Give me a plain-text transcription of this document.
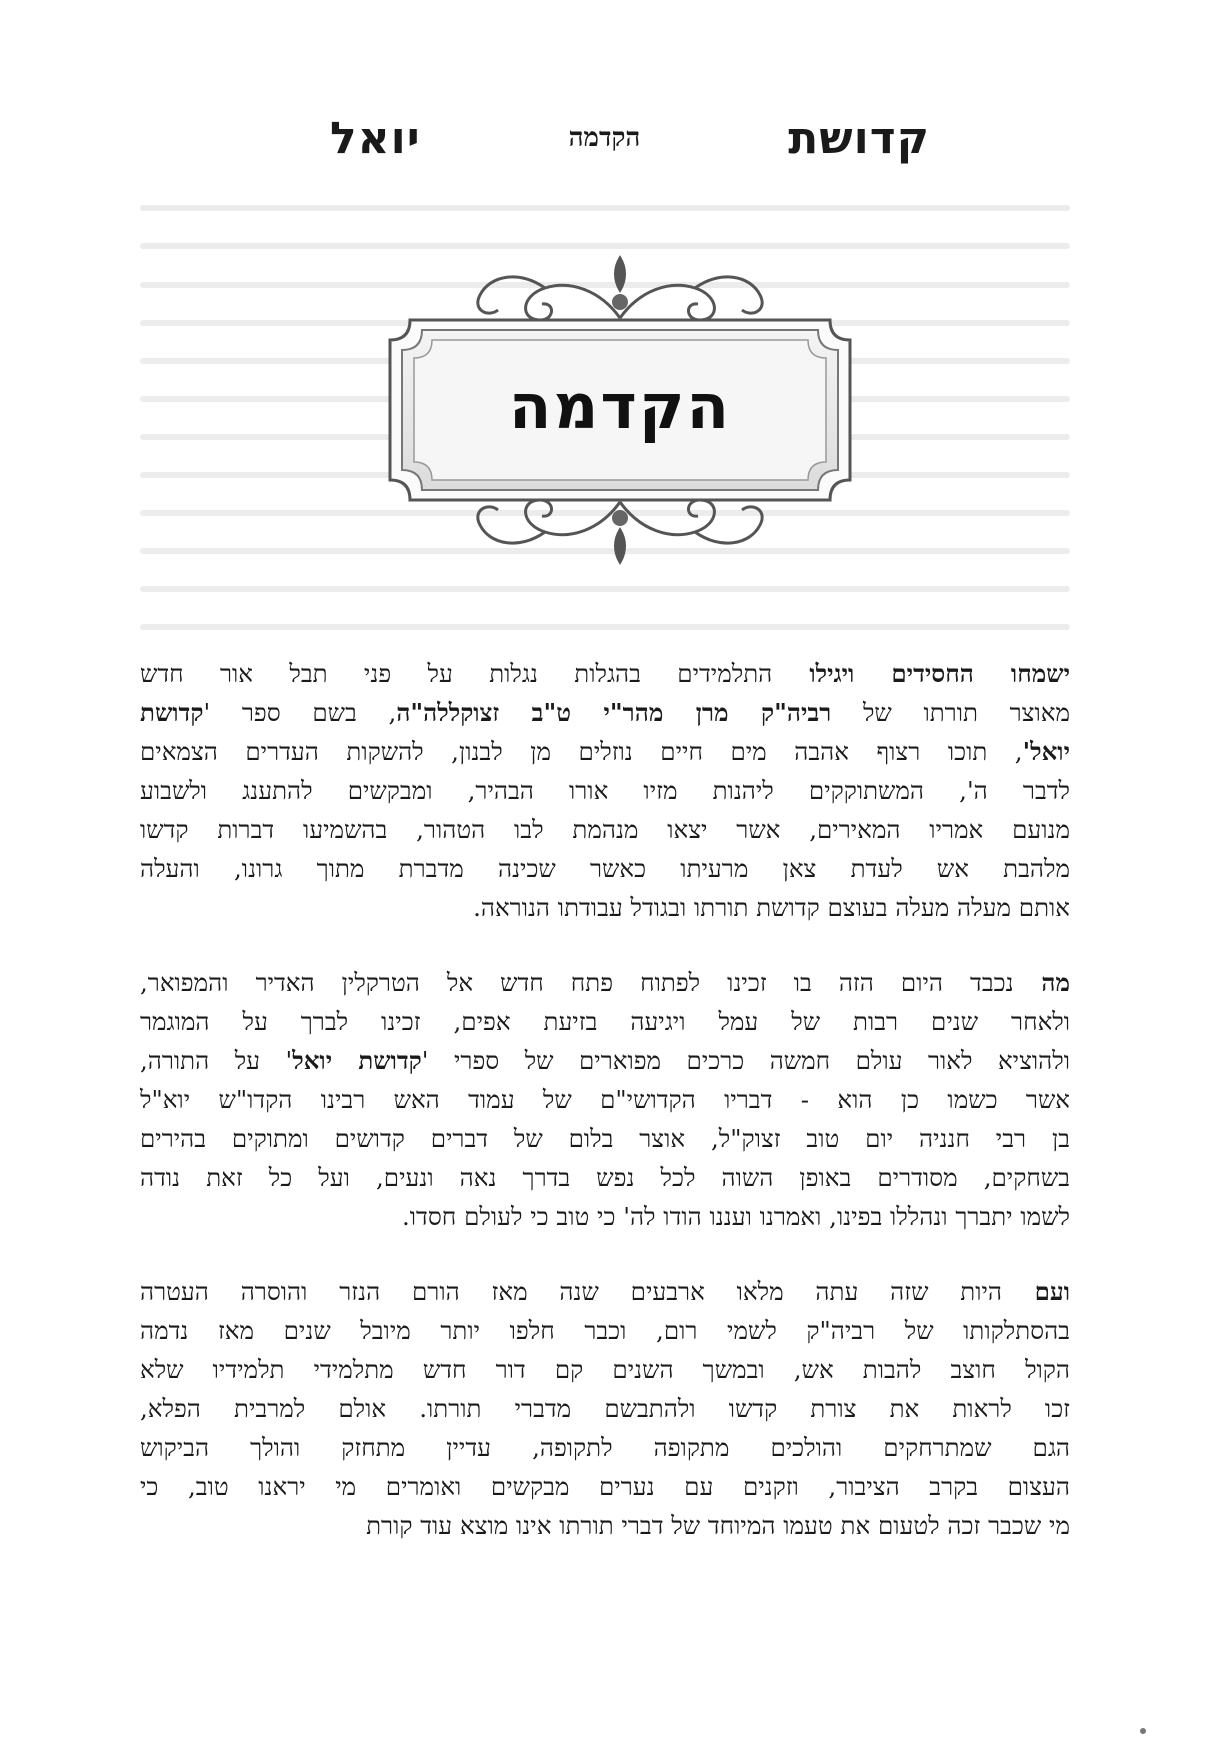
קדושת
הקדמה
יואל
הקדמה

ישמחו החסידים ויגילו התלמידים בהגלות נגלות על פני תבל אור חדש
מאוצר תורתו של רביה"ק מרן מהר"י ט"ב זצוקללה"ה, בשם ספר 'קדושת
יואל', תוכו רצוף אהבה מים חיים נוזלים מן לבנון, להשקות העדרים הצמאים
לדבר ה', המשתוקקים ליהנות מזיו אורו הבהיר, ומבקשים להתענג ולשבוע
מנועם אמריו המאירים, אשר יצאו מנהמת לבו הטהור, בהשמיעו דברות קדשו
מלהבת אש לעדת צאן מרעיתו כאשר שכינה מדברת מתוך גרונו, והעלה
אותם מעלה מעלה בעוצם קדושת תורתו ובגודל עבודתו הנוראה.

מה נכבד היום הזה בו זכינו לפתוח פתח חדש אל הטרקלין האדיר והמפואר,
ולאחר שנים רבות של עמל ויגיעה בזיעת אפים, זכינו לברך על המוגמר
ולהוציא לאור עולם חמשה כרכים מפוארים של ספרי 'קדושת יואל' על התורה,
אשר כשמו כן הוא - דבריו הקדושי"ם של עמוד האש רבינו הקדו"ש יוא"ל
בן רבי חנניה יום טוב זצוק"ל, אוצר בלום של דברים קדושים ומתוקים בהירים
בשחקים, מסודרים באופן השוה לכל נפש בדרך נאה ונעים, ועל כל זאת נודה
לשמו יתברך ונהללו בפינו, ואמרנו ועננו הודו לה' כי טוב כי לעולם חסדו.

ועם היות שזה עתה מלאו ארבעים שנה מאז הורם הנזר והוסרה העטרה
בהסתלקותו של רביה"ק לשמי רום, וכבר חלפו יותר מיובל שנים מאז נדמה
הקול חוצב להבות אש, ובמשך השנים קם דור חדש מתלמידי תלמידיו שלא
זכו לראות את צורת קדשו ולהתבשם מדברי תורתו. אולם למרבית הפלא,
הגם שמתרחקים והולכים מתקופה לתקופה, עדיין מתחזק והולך הביקוש
העצום בקרב הציבור, וזקנים עם נערים מבקשים ואומרים מי יראנו טוב, כי
מי שכבר זכה לטעום את טעמו המיוחד של דברי תורתו אינו מוצא עוד קורת
